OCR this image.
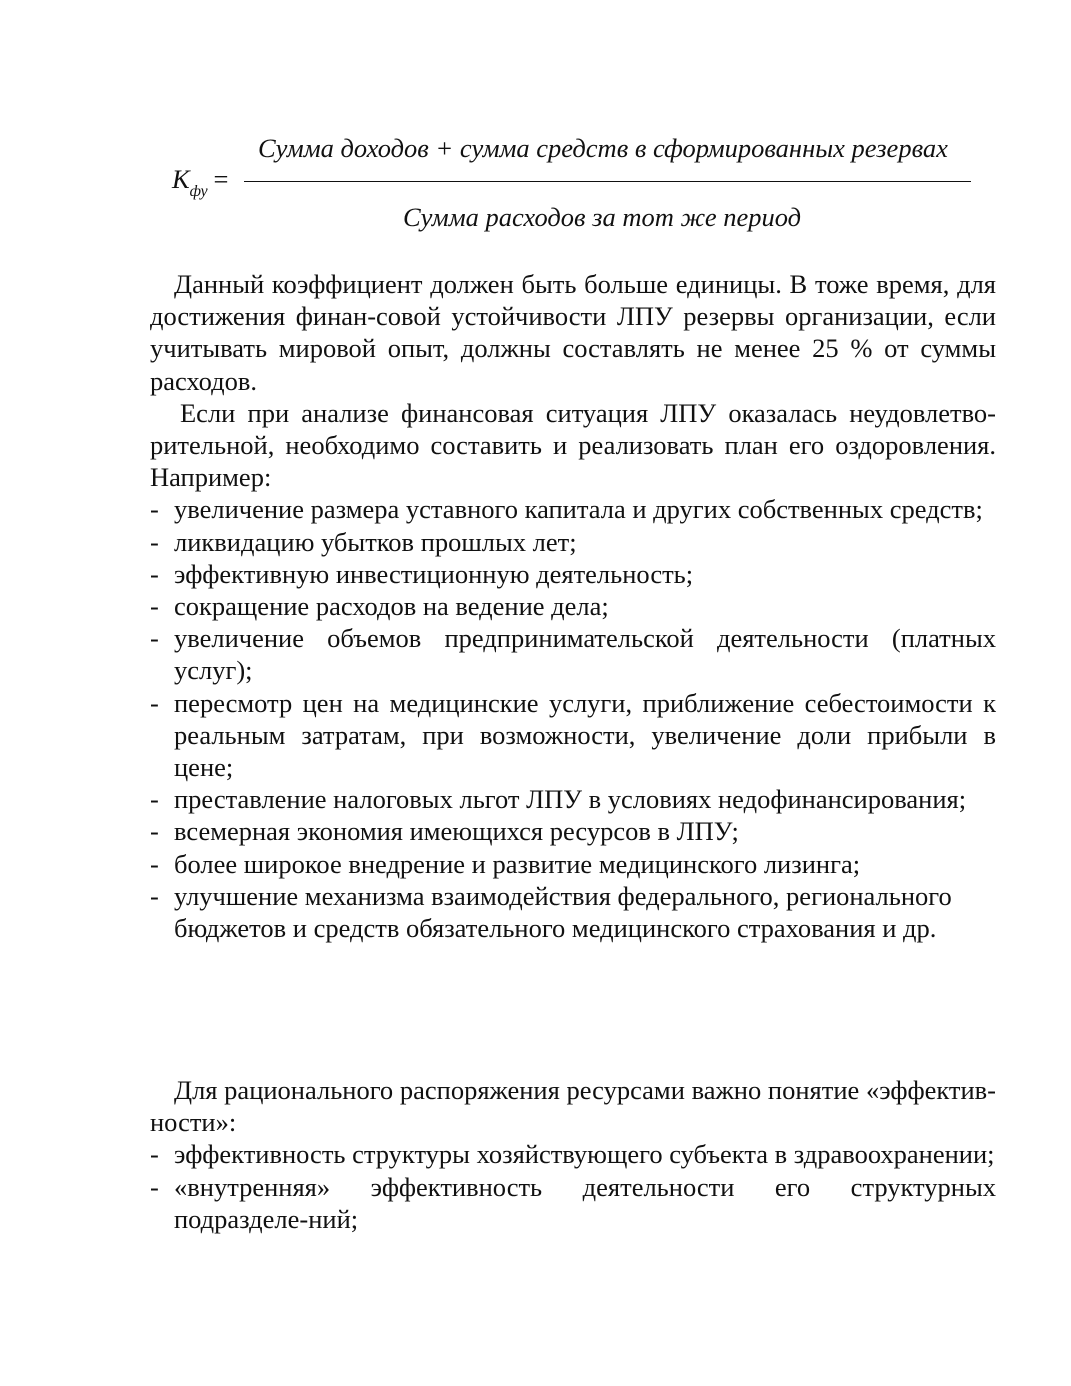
Сумма доходов + сумма средств в сформированных резервах
$К_{фу}$ =
Сумма расходов за тот же период

Данный коэффициент должен быть больше единицы. В тоже время, для достижения финан-совой устойчивости ЛПУ резервы организации, если учитывать мировой опыт, должны составлять не менее 25 % от суммы расходов.

Если при анализе финансовая ситуация ЛПУ оказалась неудовлетво-рительной, необходимо составить и реализовать план его оздоровления. Например:

- увеличение размера уставного капитала и других собственных средств;
- ликвидацию убытков прошлых лет;
- эффективную инвестиционную деятельность;
- сокращение расходов на ведение дела;
- увеличение объемов предпринимательской деятельности (платных услуг);
- пересмотр цен на медицинские услуги, приближение себестоимости к реальным затратам, при возможности, увеличение доли прибыли в цене;
- преставление налоговых льгот ЛПУ в условиях недофинансирования;
- всемерная экономия имеющихся ресурсов в ЛПУ;
- более широкое внедрение и развитие медицинского лизинга;
- улучшение механизма взаимодействия федерального, регионального

бюджетов и средств обязательного медицинского страхования и др.

Для рационального распоряжения ресурсами важно понятие «эффектив-ности»:

- эффективность структуры хозяйствующего субъекта в здравоохранении;
- «внутренняя» эффективность деятельности его структурных подразделе-ний;
